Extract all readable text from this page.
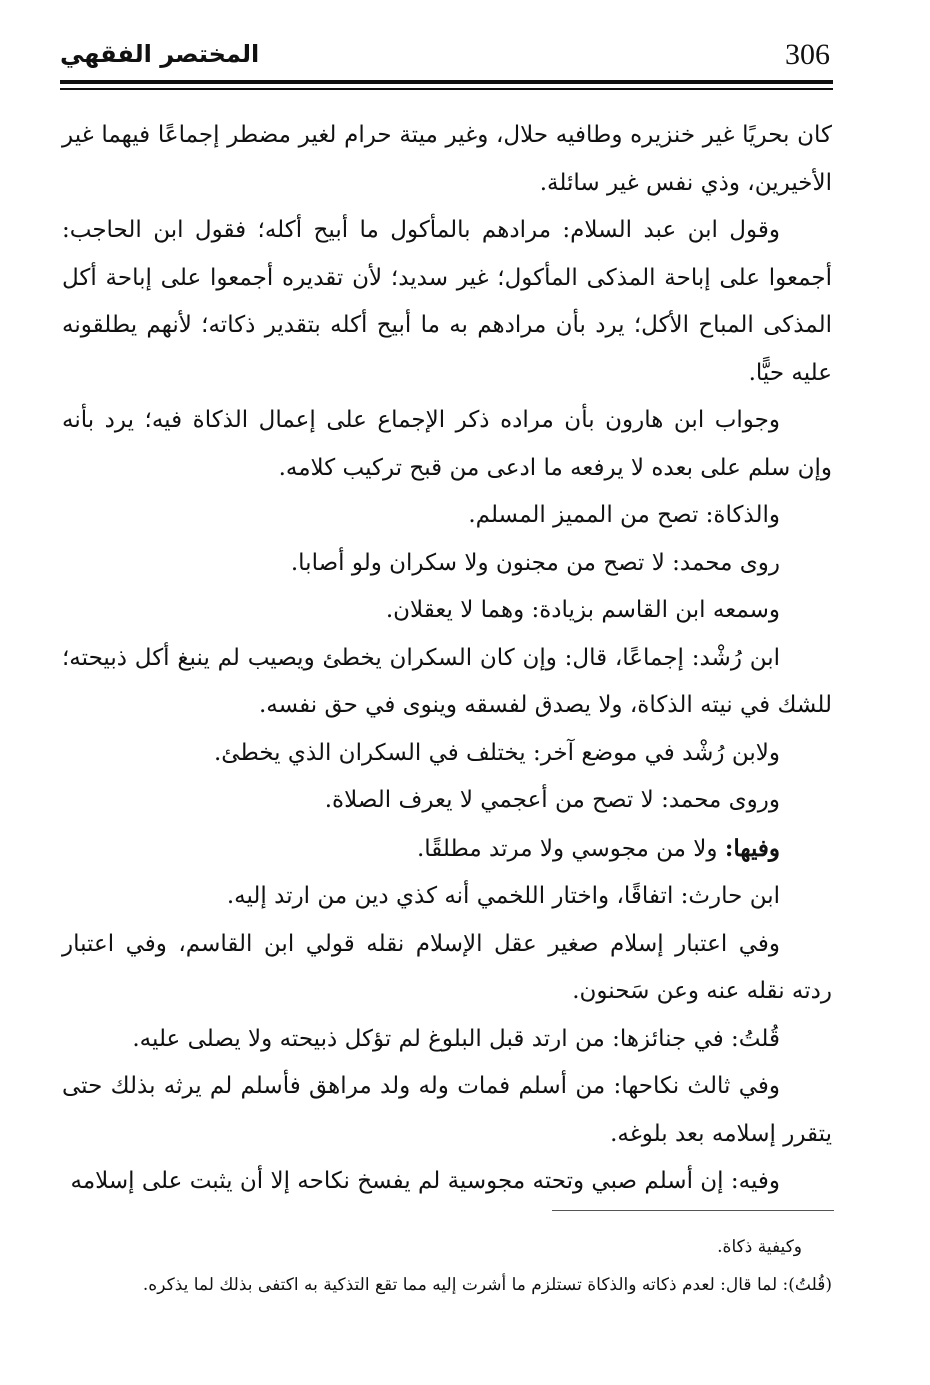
306
المختصر الفقهي

كان بحريًا غير خنزيره وطافيه حلال، وغير ميتة حرام لغير مضطر إجماعًا فيهما غير الأخيرين، وذي نفس غير سائلة.

وقول ابن عبد السلام: مرادهم بالمأكول ما أبيح أكله؛ فقول ابن الحاجب: أجمعوا على إباحة المذكى المأكول؛ غير سديد؛ لأن تقديره أجمعوا على إباحة أكل المذكى المباح الأكل؛ يرد بأن مرادهم به ما أبيح أكله بتقدير ذكاته؛ لأنهم يطلقونه عليه حيًّا.

وجواب ابن هارون بأن مراده ذكر الإجماع على إعمال الذكاة فيه؛ يرد بأنه وإن سلم على بعده لا يرفعه ما ادعى من قبح تركيب كلامه.

والذكاة: تصح من المميز المسلم.

روى محمد: لا تصح من مجنون ولا سكران ولو أصابا.

وسمعه ابن القاسم بزيادة: وهما لا يعقلان.

ابن رُشْد: إجماعًا، قال: وإن كان السكران يخطئ ويصيب لم ينبغ أكل ذبيحته؛ للشك في نيته الذكاة، ولا يصدق لفسقه وينوى في حق نفسه.

ولابن رُشْد في موضع آخر: يختلف في السكران الذي يخطئ.

وروى محمد: لا تصح من أعجمي لا يعرف الصلاة.

وفيها: ولا من مجوسي ولا مرتد مطلقًا.

ابن حارث: اتفاقًا، واختار اللخمي أنه كذي دين من ارتد إليه.

وفي اعتبار إسلام صغير عقل الإسلام نقله قولي ابن القاسم، وفي اعتبار ردته نقله عنه وعن سَحنون.

قُلتُ: في جنائزها: من ارتد قبل البلوغ لم تؤكل ذبيحته ولا يصلى عليه.

وفي ثالث نكاحها: من أسلم فمات وله ولد مراهق فأسلم لم يرثه بذلك حتى يتقرر إسلامه بعد بلوغه.

وفيه: إن أسلم صبي وتحته مجوسية لم يفسخ نكاحه إلا أن يثبت على إسلامه

وكيفية ذكاة.

(قُلتُ): لما قال: لعدم ذكاته والذكاة تستلزم ما أشرت إليه مما تقع التذكية به اكتفى بذلك لما يذكره.
